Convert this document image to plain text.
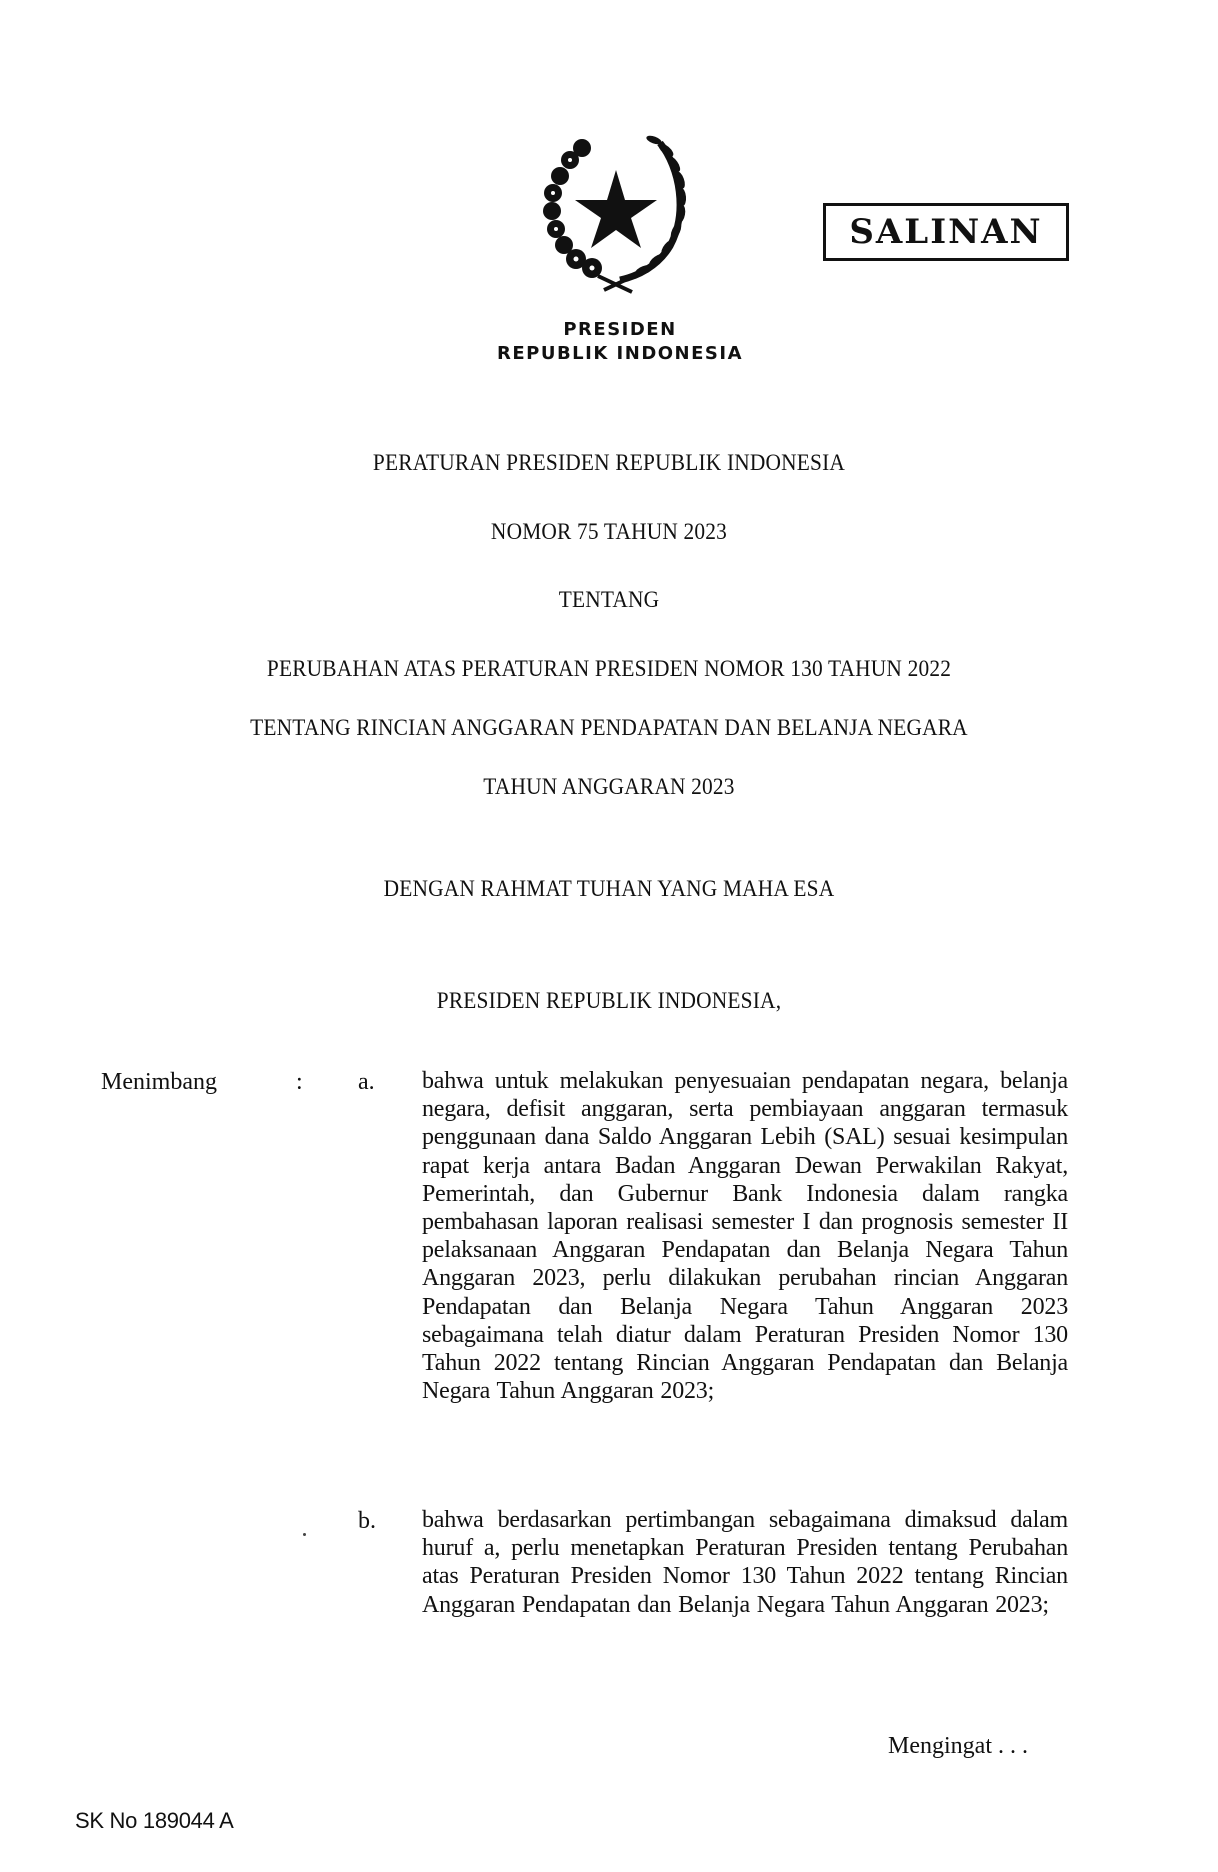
PRESIDEN
REPUBLIK INDONESIA
SALINAN
PERATURAN PRESIDEN REPUBLIK INDONESIA
NOMOR 75 TAHUN 2023
TENTANG
PERUBAHAN ATAS PERATURAN PRESIDEN NOMOR 130 TAHUN 2022
TENTANG RINCIAN ANGGARAN PENDAPATAN DAN BELANJA NEGARA
TAHUN ANGGARAN 2023
DENGAN RAHMAT TUHAN YANG MAHA ESA
PRESIDEN REPUBLIK INDONESIA,
Menimbang	: a. bahwa untuk melakukan penyesuaian pendapatan negara, belanja negara, defisit anggaran, serta pembiayaan anggaran termasuk penggunaan dana Saldo Anggaran Lebih (SAL) sesuai kesimpulan rapat kerja antara Badan Anggaran Dewan Perwakilan Rakyat, Pemerintah, dan Gubernur Bank Indonesia dalam rangka pembahasan laporan realisasi semester I dan prognosis semester II pelaksanaan Anggaran Pendapatan dan Belanja Negara Tahun Anggaran 2023, perlu dilakukan perubahan rincian Anggaran Pendapatan dan Belanja Negara Tahun Anggaran 2023 sebagaimana telah diatur dalam Peraturan Presiden Nomor 130 Tahun 2022 tentang Rincian Anggaran Pendapatan dan Belanja Negara Tahun Anggaran 2023;
b. bahwa berdasarkan pertimbangan sebagaimana dimaksud dalam huruf a, perlu menetapkan Peraturan Presiden tentang Perubahan atas Peraturan Presiden Nomor 130 Tahun 2022 tentang Rincian Anggaran Pendapatan dan Belanja Negara Tahun Anggaran 2023;
Mengingat . . .
SK No 189044 A
